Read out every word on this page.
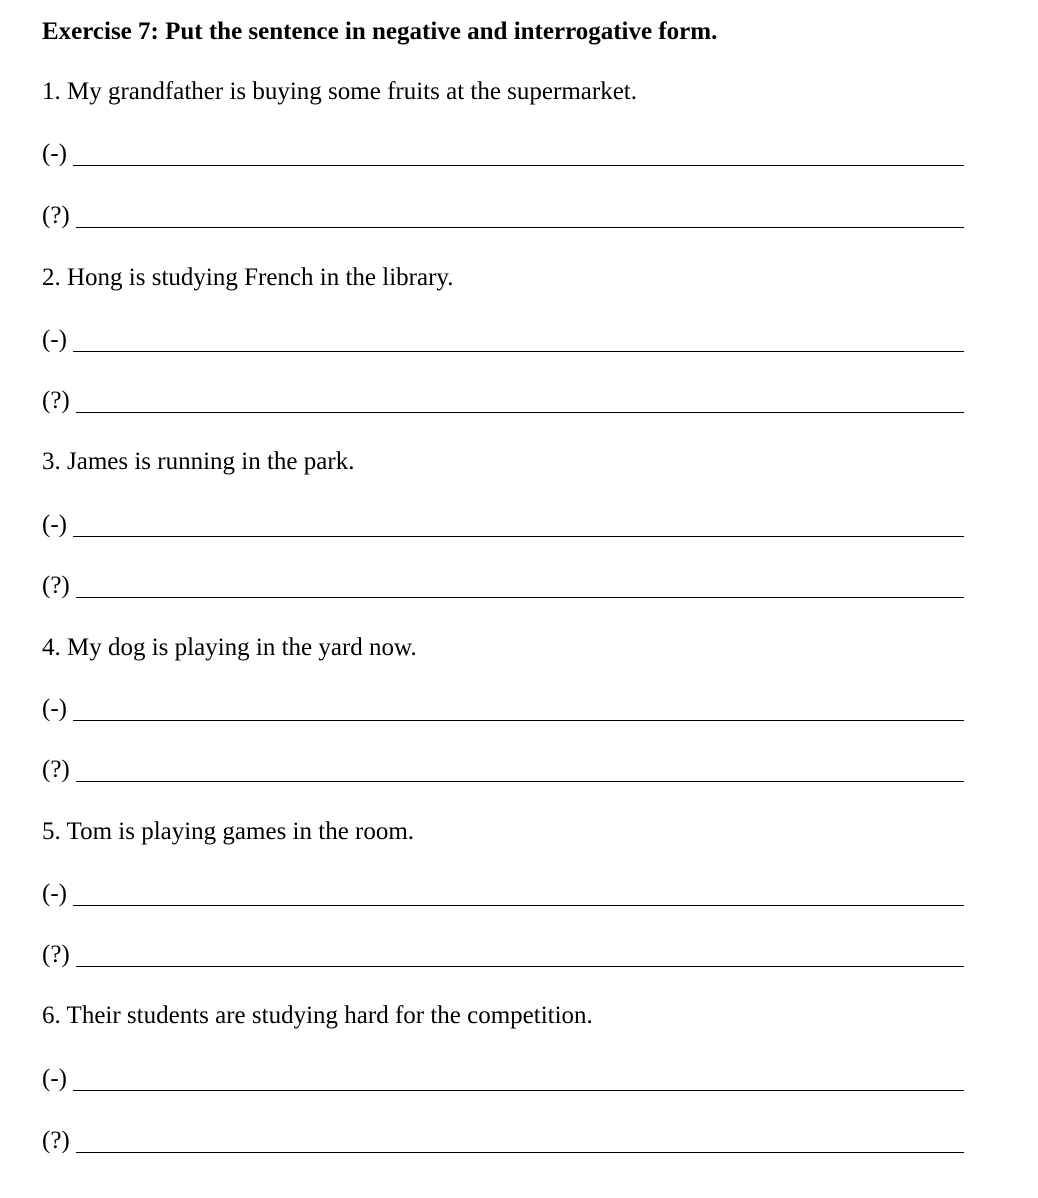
Exercise 7: Put the sentence in negative and interrogative form.
1. My grandfather is buying some fruits at the supermarket.
(-)
(?)
2. Hong is studying French in the library.
(-)
(?)
3. James is running in the park.
(-)
(?)
4. My dog is playing in the yard now.
(-)
(?)
5. Tom is playing games in the room.
(-)
(?)
6. Their students are studying hard for the competition.
(-)
(?)
